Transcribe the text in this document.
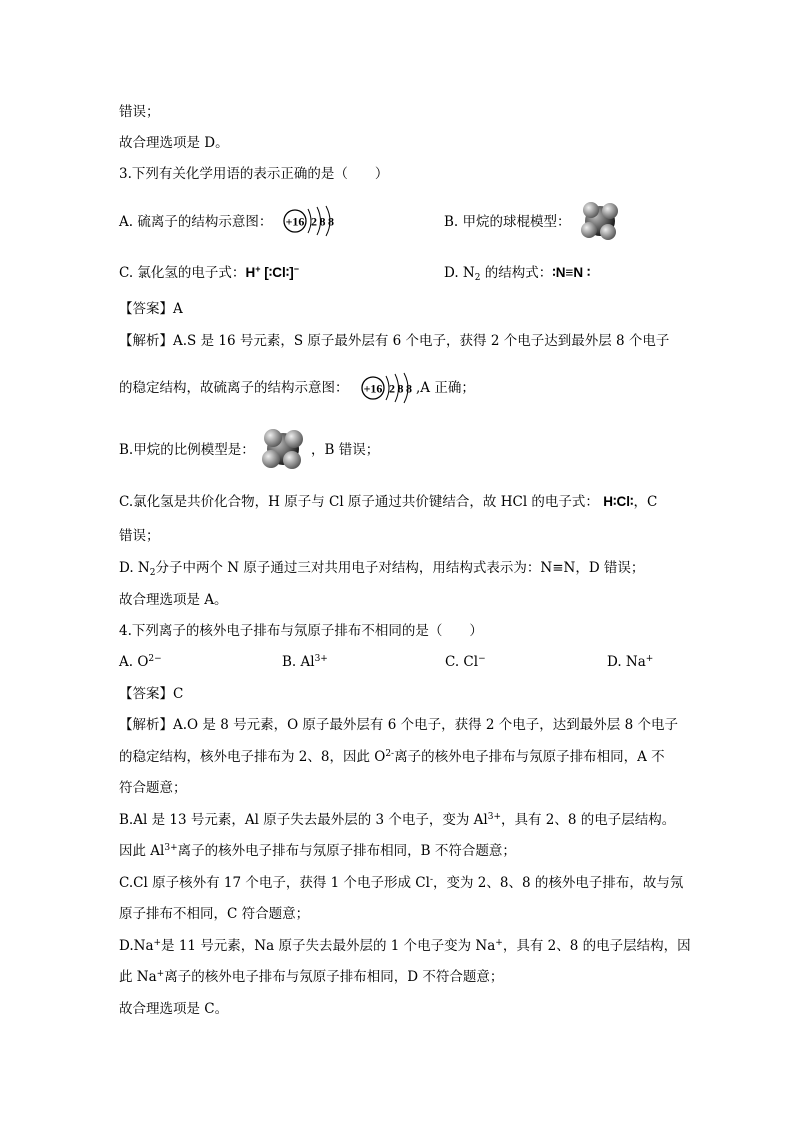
错误；
故合理选项是 D。
3.下列有关化学用语的表示正确的是（　　）
A. 硫离子的结构示意图： +16 2 8 8	B. 甲烷的球棍模型：
C. 氯化氢的电子式：H+ [∶Cl∶]−	D. $N_2$ 的结构式：∶N≡N ∶
【答案】A
【解析】A.S 是 16 号元素，S 原子最外层有 6 个电子，获得 2 个电子达到最外层 8 个电子
的稳定结构，故硫离子的结构示意图： +16 2 8 8 ,A 正确；
B.甲烷的比例模型是：	，B 错误；
C.氯化氢是共价化合物，H 原子与 Cl 原子通过共价键结合，故 HCl 的电子式： H∶Cl∶，C
错误；
D. $N_2$分子中两个 N 原子通过三对共用电子对结构，用结构式表示为：N≡N，D 错误；
故合理选项是 A。
4.下列离子的核外电子排布与氖原子排布不相同的是（　　）
A. $O^{2-}$	B. $Al^{3+}$	C. Cl−	D. Na+
【答案】C
【解析】A.O 是 8 号元素，O 原子最外层有 6 个电子，获得 2 个电子，达到最外层 8 个电子
的稳定结构，核外电子排布为 2、8，因此 $O^{2-}$离子的核外电子排布与氖原子排布相同，A 不
符合题意；
B.Al 是 13 号元素，Al 原子失去最外层的 3 个电子，变为 $Al^{3+}$，具有 2、8 的电子层结构。
因此 $Al^{3+}$离子的核外电子排布与氖原子排布相同，B 不符合题意；
C.Cl 原子核外有 17 个电子，获得 1 个电子形成 Cl-，变为 2、8、8 的核外电子排布，故与氖
原子排布不相同，C 符合题意；
D.Na+是 11 号元素，Na 原子失去最外层的 1 个电子变为 Na+，具有 2、8 的电子层结构，因
此 Na+离子的核外电子排布与氖原子排布相同，D 不符合题意；
故合理选项是 C。
